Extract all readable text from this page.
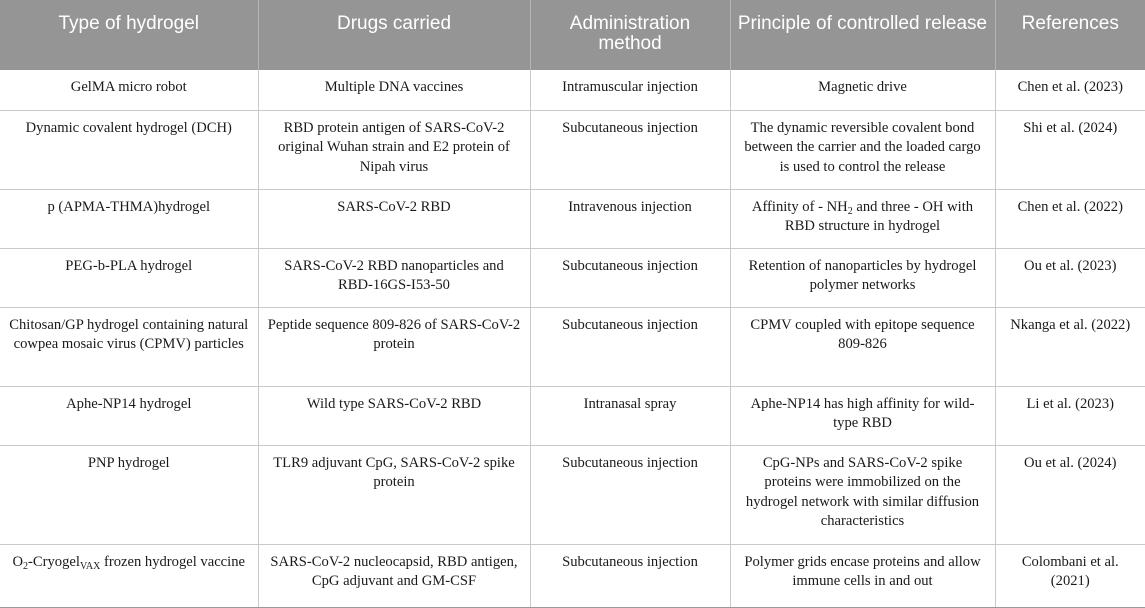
Type of hydrogel	Drugs carried	Administration method	Principle of controlled release	References
GelMA micro robot	Multiple DNA vaccines	Intramuscular injection	Magnetic drive	Chen et al. (2023)
Dynamic covalent hydrogel (DCH)	RBD protein antigen of SARS-CoV-2 original Wuhan strain and E2 protein of Nipah virus	Subcutaneous injection	The dynamic reversible covalent bond between the carrier and the loaded cargo is used to control the release	Shi et al. (2024)
p (APMA-THMA)hydrogel	SARS-CoV-2 RBD	Intravenous injection	Affinity of - $NH_2$ and three - OH with RBD structure in hydrogel	Chen et al. (2022)
PEG-b-PLA hydrogel	SARS-CoV-2 RBD nanoparticles and RBD-16GS-I53-50	Subcutaneous injection	Retention of nanoparticles by hydrogel polymer networks	Ou et al. (2023)
Chitosan/GP hydrogel containing natural cowpea mosaic virus (CPMV) particles	Peptide sequence 809-826 of SARS-CoV-2 protein	Subcutaneous injection	CPMV coupled with epitope sequence 809-826	Nkanga et al. (2022)
Aphe-NP14 hydrogel	Wild type SARS-CoV-2 RBD	Intranasal spray	Aphe-NP14 has high affinity for wild-type RBD	Li et al. (2023)
PNP hydrogel	TLR9 adjuvant CpG, SARS-CoV-2 spike protein	Subcutaneous injection	CpG-NPs and SARS-CoV-2 spike proteins were immobilized on the hydrogel network with similar diffusion characteristics	Ou et al. (2024)
$O_2-Cryogel_{VAX}$ frozen hydrogel vaccine	SARS-CoV-2 nucleocapsid, RBD antigen, CpG adjuvant and GM-CSF	Subcutaneous injection	Polymer grids encase proteins and allow immune cells in and out	Colombani et al. (2021)
